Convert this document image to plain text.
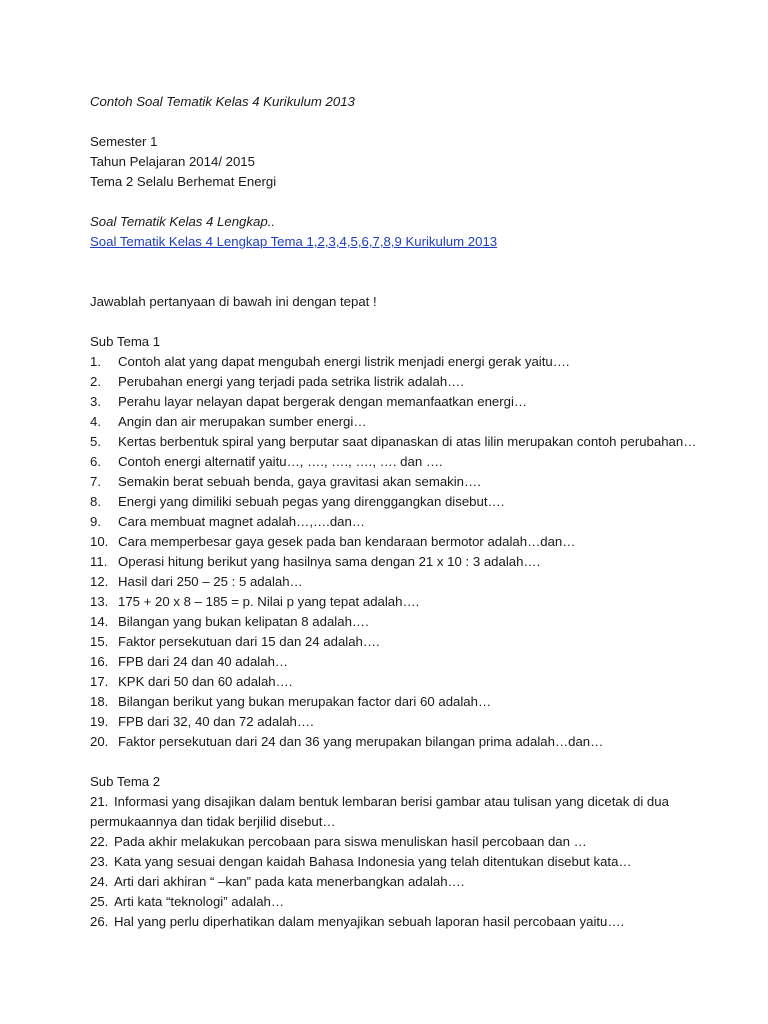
Contoh Soal Tematik Kelas 4 Kurikulum 2013
Semester 1
Tahun Pelajaran 2014/ 2015
Tema 2 Selalu Berhemat Energi
Soal Tematik Kelas 4 Lengkap..
Soal Tematik Kelas 4 Lengkap Tema 1,2,3,4,5,6,7,8,9 Kurikulum 2013
Jawablah pertanyaan di bawah ini dengan tepat !
Sub Tema 1
1.	Contoh alat yang dapat mengubah energi listrik menjadi energi gerak yaitu….
2.	Perubahan energi yang terjadi pada setrika listrik adalah….
3.	Perahu layar nelayan dapat bergerak dengan memanfaatkan energi…
4.	Angin dan air merupakan sumber energi…
5.	Kertas berbentuk spiral yang berputar saat dipanaskan di atas lilin merupakan contoh perubahan…
6.	Contoh energi alternatif yaitu…, …., …., …., …. dan ….
7.	Semakin berat sebuah benda, gaya gravitasi akan semakin….
8.	Energi yang dimiliki sebuah pegas yang direnggangkan disebut….
9.	Cara membuat magnet adalah…,….dan…
10. Cara memperbesar gaya gesek pada ban kendaraan bermotor adalah…dan…
11. Operasi hitung berikut yang hasilnya sama dengan 21 x 10 : 3 adalah….
12. Hasil dari 250 – 25 : 5 adalah…
13. 175 + 20 x 8 – 185 = p. Nilai p yang tepat adalah….
14. Bilangan yang bukan kelipatan 8 adalah….
15. Faktor persekutuan dari 15 dan 24 adalah….
16. FPB dari 24 dan 40 adalah…
17. KPK dari 50 dan 60 adalah….
18. Bilangan berikut yang bukan merupakan factor dari 60 adalah…
19. FPB dari 32, 40 dan 72 adalah….
20. Faktor persekutuan dari 24 dan 36 yang merupakan bilangan prima adalah…dan…
Sub Tema 2
21. Informasi yang disajikan dalam bentuk lembaran berisi gambar atau tulisan yang dicetak di dua
permukaannya dan tidak berjilid disebut…
22. Pada akhir melakukan percobaan para siswa menuliskan hasil percobaan dan …
23. Kata yang sesuai dengan kaidah Bahasa Indonesia yang telah ditentukan disebut kata…
24. Arti dari akhiran “ –kan” pada kata menerbangkan adalah….
25. Arti kata “teknologi” adalah…
26. Hal yang perlu diperhatikan dalam menyajikan sebuah laporan hasil percobaan yaitu….
